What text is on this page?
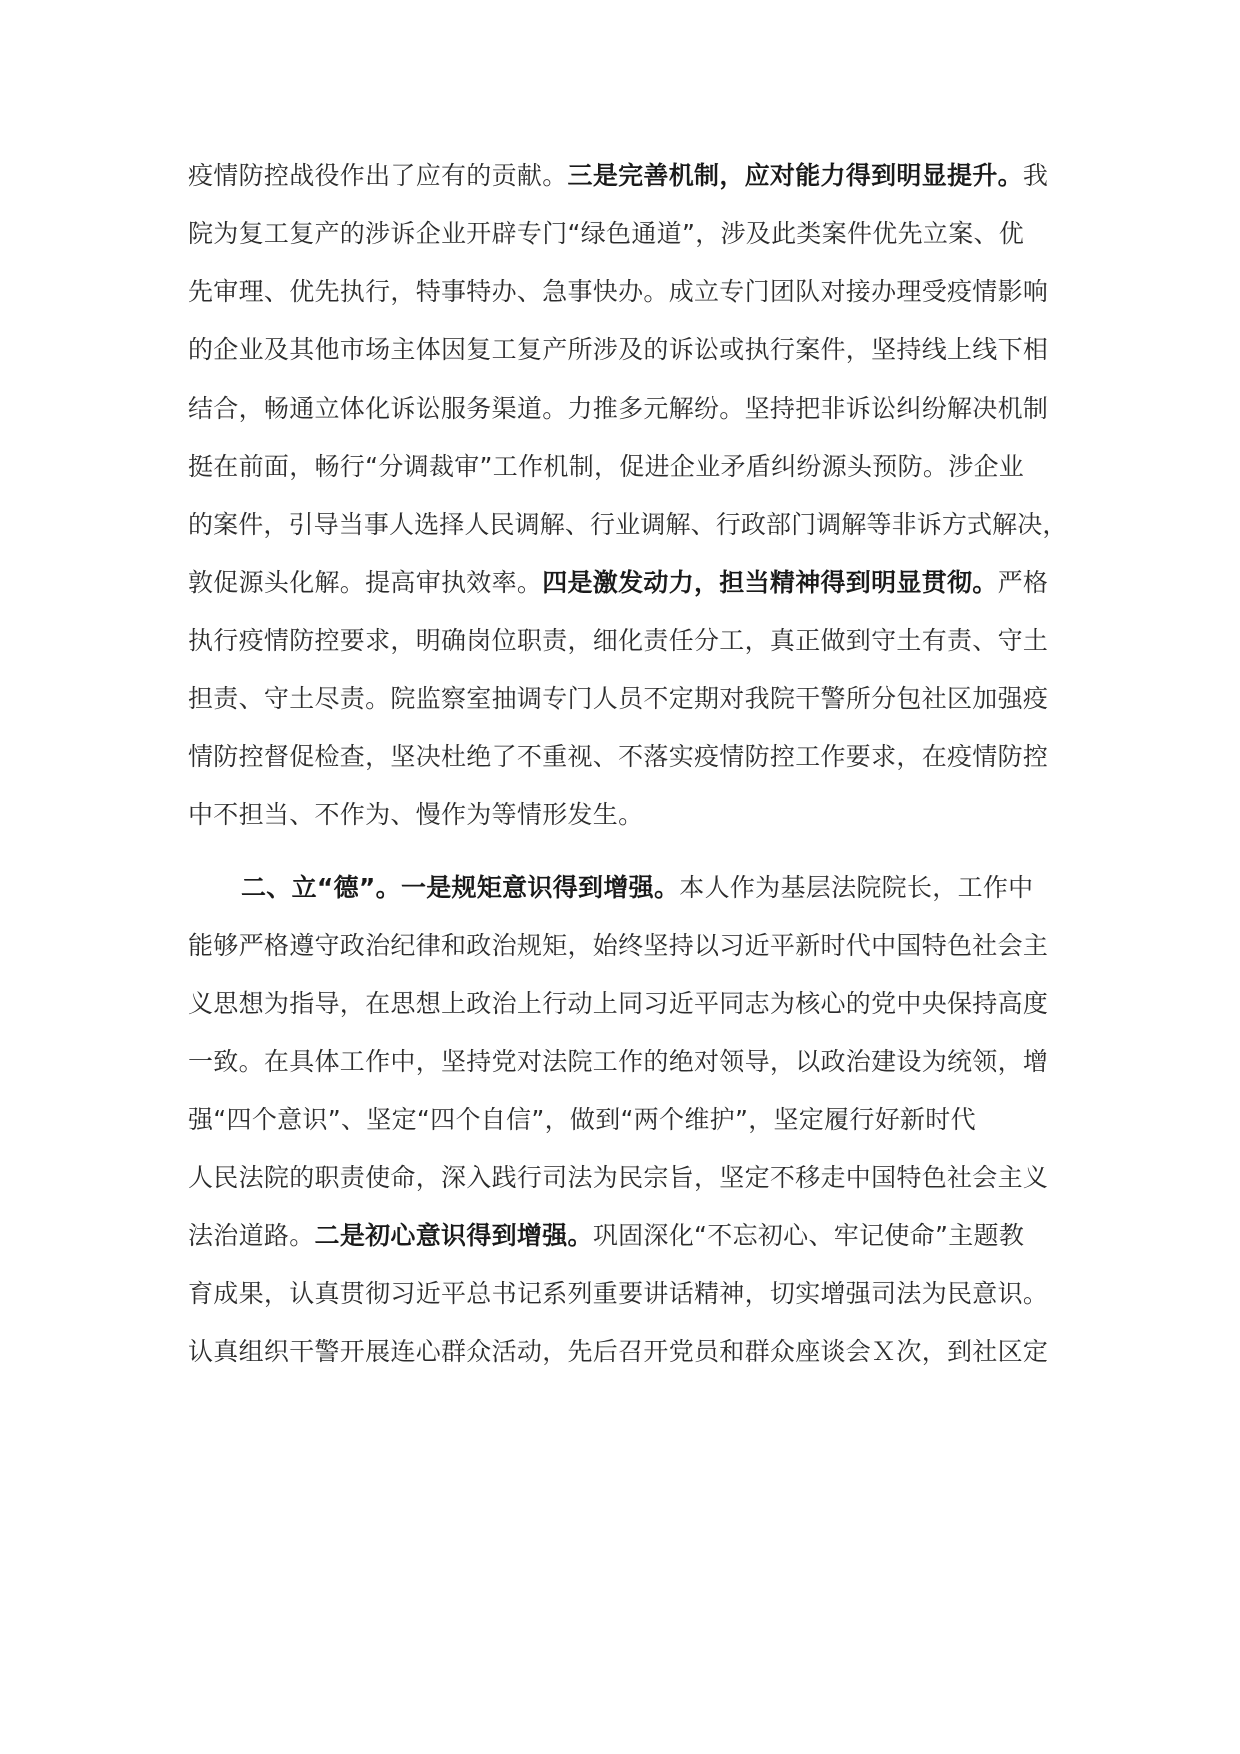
疫情防控战役作出了应有的贡献。三是完善机制，应对能力得到明显提升。我
院为复工复产的涉诉企业开辟专门“绿色通道”，涉及此类案件优先立案、优
先审理、优先执行，特事特办、急事快办。成立专门团队对接办理受疫情影响
的企业及其他市场主体因复工复产所涉及的诉讼或执行案件，坚持线上线下相
结合，畅通立体化诉讼服务渠道。力推多元解纷。坚持把非诉讼纠纷解决机制
挺在前面，畅行“分调裁审”工作机制，促进企业矛盾纠纷源头预防。涉企业
的案件，引导当事人选择人民调解、行业调解、行政部门调解等非诉方式解决，
敦促源头化解。提高审执效率。四是激发动力，担当精神得到明显贯彻。严格
执行疫情防控要求，明确岗位职责，细化责任分工，真正做到守土有责、守土
担责、守土尽责。院监察室抽调专门人员不定期对我院干警所分包社区加强疫
情防控督促检查，坚决杜绝了不重视、不落实疫情防控工作要求，在疫情防控
中不担当、不作为、慢作为等情形发生。
二、立“德”。一是规矩意识得到增强。本人作为基层法院院长，工作中
能够严格遵守政治纪律和政治规矩，始终坚持以习近平新时代中国特色社会主
义思想为指导，在思想上政治上行动上同习近平同志为核心的党中央保持高度
一致。在具体工作中，坚持党对法院工作的绝对领导，以政治建设为统领，增
强“四个意识”、坚定“四个自信”，做到“两个维护”，坚定履行好新时代
人民法院的职责使命，深入践行司法为民宗旨，坚定不移走中国特色社会主义
法治道路。二是初心意识得到增强。巩固深化“不忘初心、牢记使命”主题教
育成果，认真贯彻习近平总书记系列重要讲话精神，切实增强司法为民意识。
认真组织干警开展连心群众活动，先后召开党员和群众座谈会Ｘ次，到社区定
